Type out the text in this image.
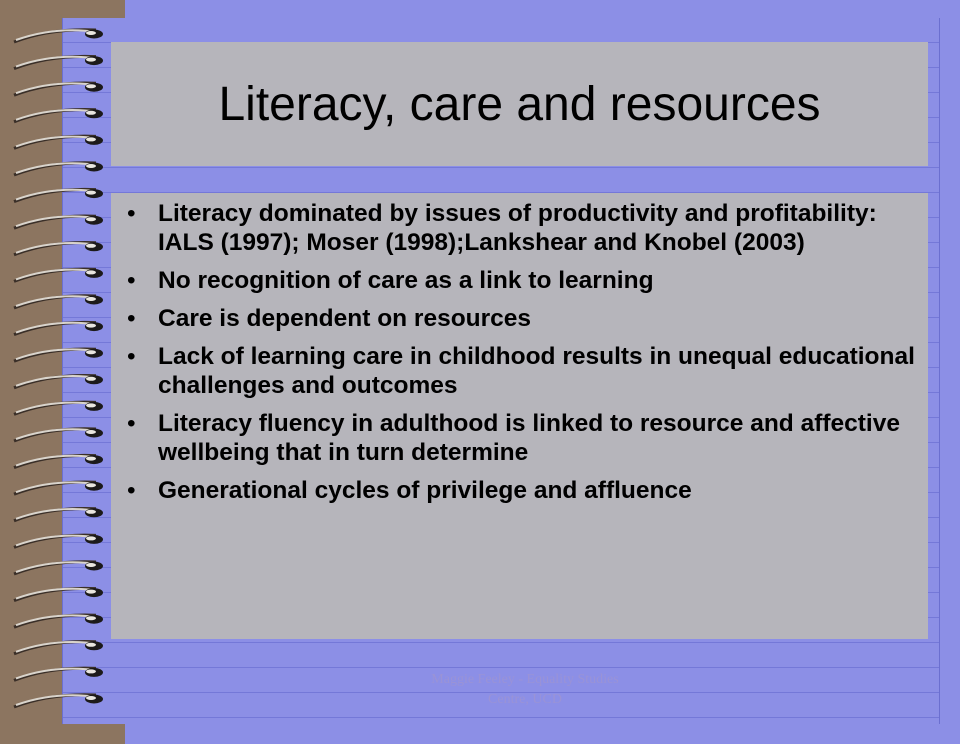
Literacy, care and resources
• Literacy dominated by issues of productivity and profitability: IALS (1997); Moser (1998);Lankshear and Knobel (2003)
• No recognition of care as a link to learning
• Care is dependent on resources
• Lack of learning care in childhood results in unequal educational challenges and outcomes
• Literacy fluency in adulthood is linked to resource and affective wellbeing that in turn determine
• Generational cycles of privilege and affluence
Maggie Feeley - Equality Studies
Centre, UCD
